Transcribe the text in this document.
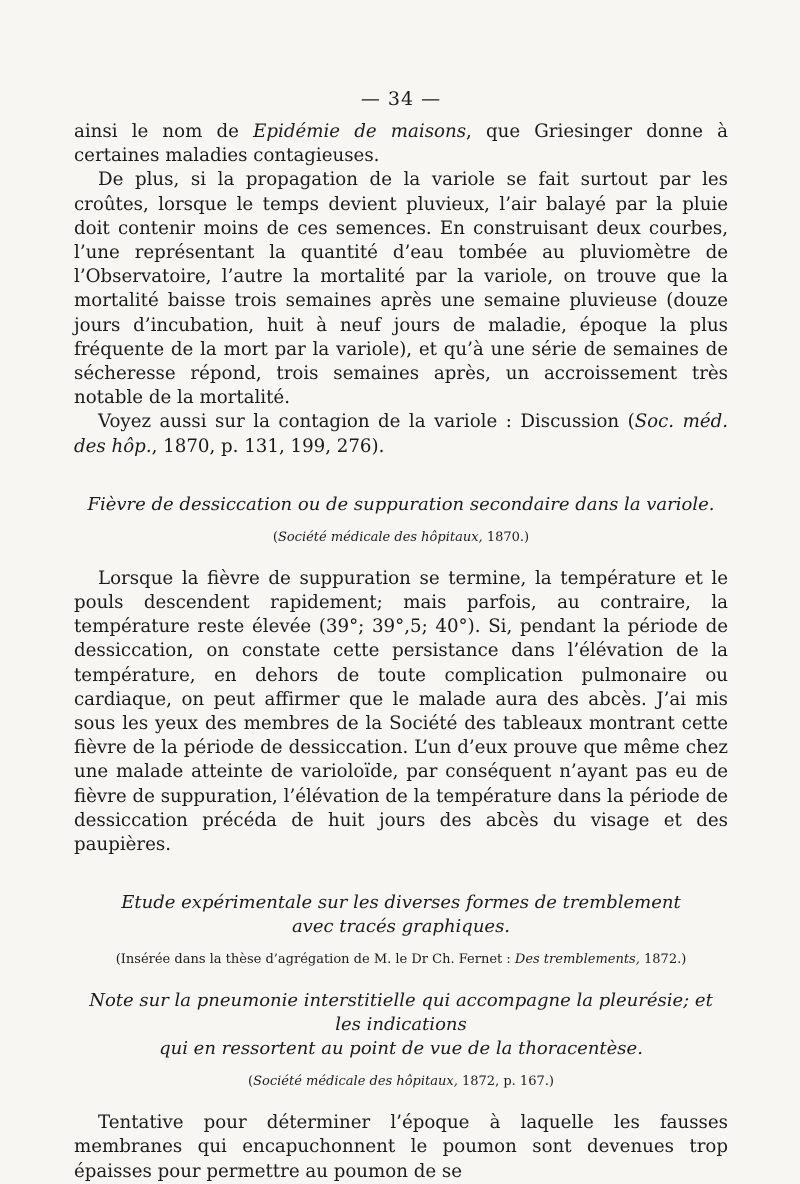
— 34 —

ainsi le nom de Epidémie de maisons, que Griesinger donne à certaines maladies contagieuses.

De plus, si la propagation de la variole se fait surtout par les croûtes, lorsque le temps devient pluvieux, l’air balayé par la pluie doit contenir moins de ces semences. En construisant deux courbes, l’une représentant la quantité d’eau tombée au pluviomètre de l’Observatoire, l’autre la mortalité par la variole, on trouve que la mortalité baisse trois semaines après une semaine pluvieuse (douze jours d’incubation, huit à neuf jours de maladie, époque la plus fréquente de la mort par la variole), et qu’à une série de semaines de sécheresse répond, trois semaines après, un accroissement très notable de la mortalité.

Voyez aussi sur la contagion de la variole : Discussion (Soc. méd. des hôp., 1870, p. 131, 199, 276).

Fièvre de dessiccation ou de suppuration secondaire dans la variole.

(Société médicale des hôpitaux, 1870.)

Lorsque la fièvre de suppuration se termine, la température et le pouls descendent rapidement; mais parfois, au contraire, la température reste élevée (39°; 39°,5; 40°). Si, pendant la période de dessiccation, on constate cette persistance dans l’élévation de la température, en dehors de toute complication pulmonaire ou cardiaque, on peut affirmer que le malade aura des abcès. J’ai mis sous les yeux des membres de la Société des tableaux montrant cette fièvre de la période de dessiccation. L’un d’eux prouve que même chez une malade atteinte de varioloïde, par conséquent n’ayant pas eu de fièvre de suppuration, l’élévation de la température dans la période de dessiccation précéda de huit jours des abcès du visage et des paupières.

Etude expérimentale sur les diverses formes de tremblement

avec tracés graphiques.

(Insérée dans la thèse d’agrégation de M. le Dr Ch. Fernet : Des tremblements, 1872.)

Note sur la pneumonie interstitielle qui accompagne la pleurésie; et les indications

qui en ressortent au point de vue de la thoracentèse.

(Société médicale des hôpitaux, 1872, p. 167.)

Tentative pour déterminer l’époque à laquelle les fausses membranes qui encapuchonnent le poumon sont devenues trop épaisses pour permettre au poumon de se
